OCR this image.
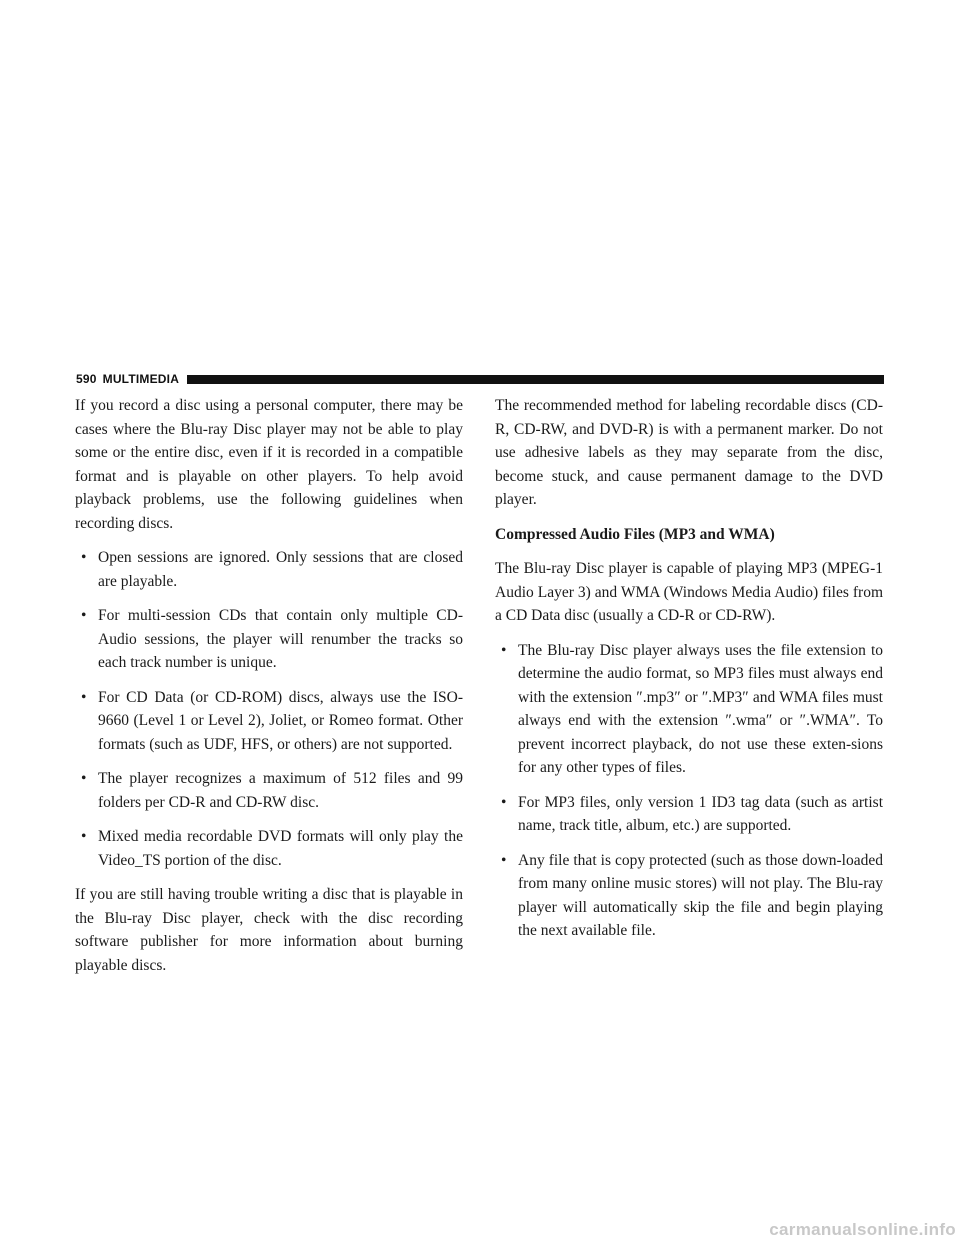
590 MULTIMEDIA

If you record a disc using a personal computer, there may be cases where the Blu-ray Disc player may not be able to play some or the entire disc, even if it is recorded in a compatible format and is playable on other players. To help avoid playback problems, use the following guidelines when recording discs.

• Open sessions are ignored. Only sessions that are closed are playable.
• For multi-session CDs that contain only multiple CD-Audio sessions, the player will renumber the tracks so each track number is unique.
• For CD Data (or CD-ROM) discs, always use the ISO-9660 (Level 1 or Level 2), Joliet, or Romeo format. Other formats (such as UDF, HFS, or others) are not supported.
• The player recognizes a maximum of 512 files and 99 folders per CD-R and CD-RW disc.
• Mixed media recordable DVD formats will only play the Video_TS portion of the disc.

If you are still having trouble writing a disc that is playable in the Blu-ray Disc player, check with the disc recording software publisher for more information about burning playable discs.

The recommended method for labeling recordable discs (CD-R, CD-RW, and DVD-R) is with a permanent marker. Do not use adhesive labels as they may separate from the disc, become stuck, and cause permanent damage to the DVD player.

Compressed Audio Files (MP3 and WMA)

The Blu-ray Disc player is capable of playing MP3 (MPEG-1 Audio Layer 3) and WMA (Windows Media Audio) files from a CD Data disc (usually a CD-R or CD-RW).

• The Blu-ray Disc player always uses the file extension to determine the audio format, so MP3 files must always end with the extension ″.mp3″ or ″.MP3″ and WMA files must always end with the extension ″.wma″ or ″.WMA″. To prevent incorrect playback, do not use these exten-sions for any other types of files.
• For MP3 files, only version 1 ID3 tag data (such as artist name, track title, album, etc.) are supported.
• Any file that is copy protected (such as those down-loaded from many online music stores) will not play. The Blu-ray player will automatically skip the file and begin playing the next available file.
carmanualsonline.info
